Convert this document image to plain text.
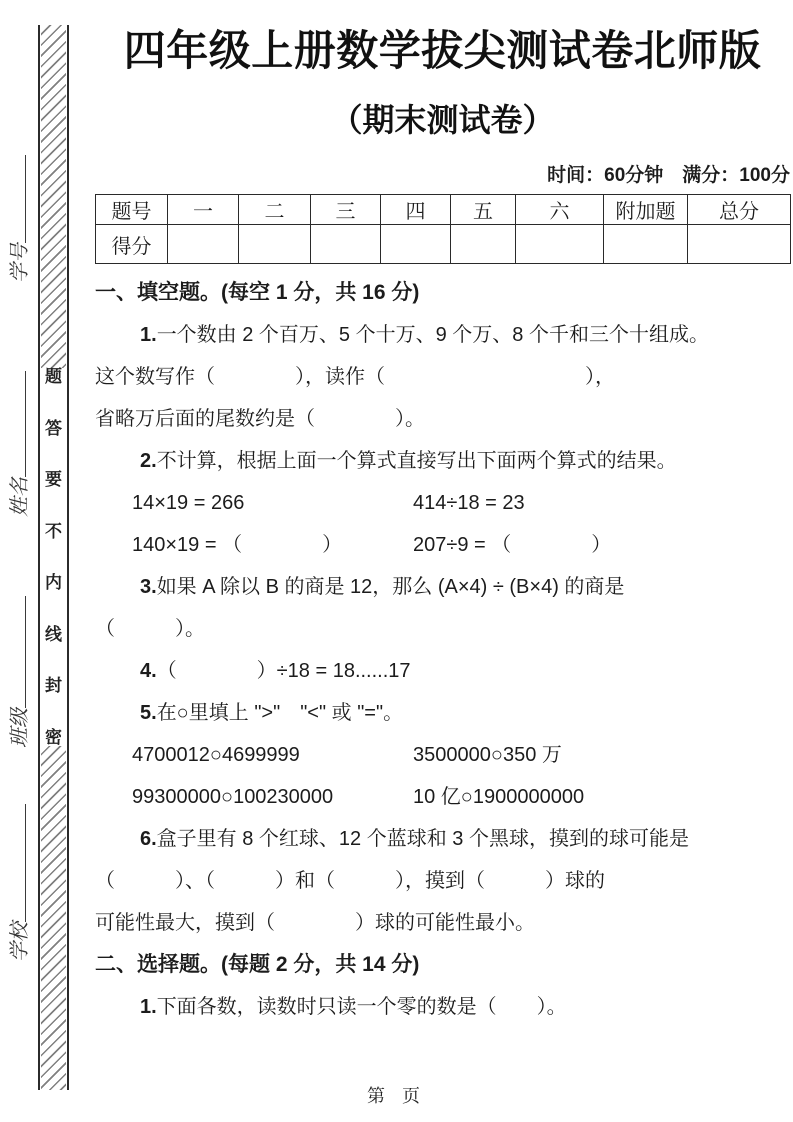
题
答
要
不
内
线
封
密
学号
姓名
班级
学校
四年级上册数学拔尖测试卷北师版
（期末测试卷）
时间：60分钟　满分：100分
题号	一	二	三	四	五	六	附加题	总分
得分								
一、填空题。(每空 1 分，共 16 分)
1.一个数由 2 个百万、5 个十万、9 个万、8 个千和三个十组成。
这个数写作（　　　　），读作（　　　　　　　　　　），
省略万后面的尾数约是（　　　　）。
2.不计算，根据上面一个算式直接写出下面两个算式的结果。
14×19 = 266	414÷18 = 23
140×19 = （　　　　）	207÷9 = （　　　　）
3.如果 A 除以 B 的商是 12，那么 (A×4) ÷ (B×4) 的商是
（　　　）。
4.（　　　　）÷18 = 18......17
5.在○里填上 ">"　"<" 或 "="。
4700012○4699999	3500000○350 万
99300000○100230000	10 亿○1900000000
6.盒子里有 8 个红球、12 个蓝球和 3 个黑球，摸到的球可能是
（　　　）、（　　　）和（　　　），摸到（　　　）球的
可能性最大，摸到（　　　　）球的可能性最小。
二、选择题。(每题 2 分，共 14 分)
1.下面各数，读数时只读一个零的数是（　　）。
第 页
